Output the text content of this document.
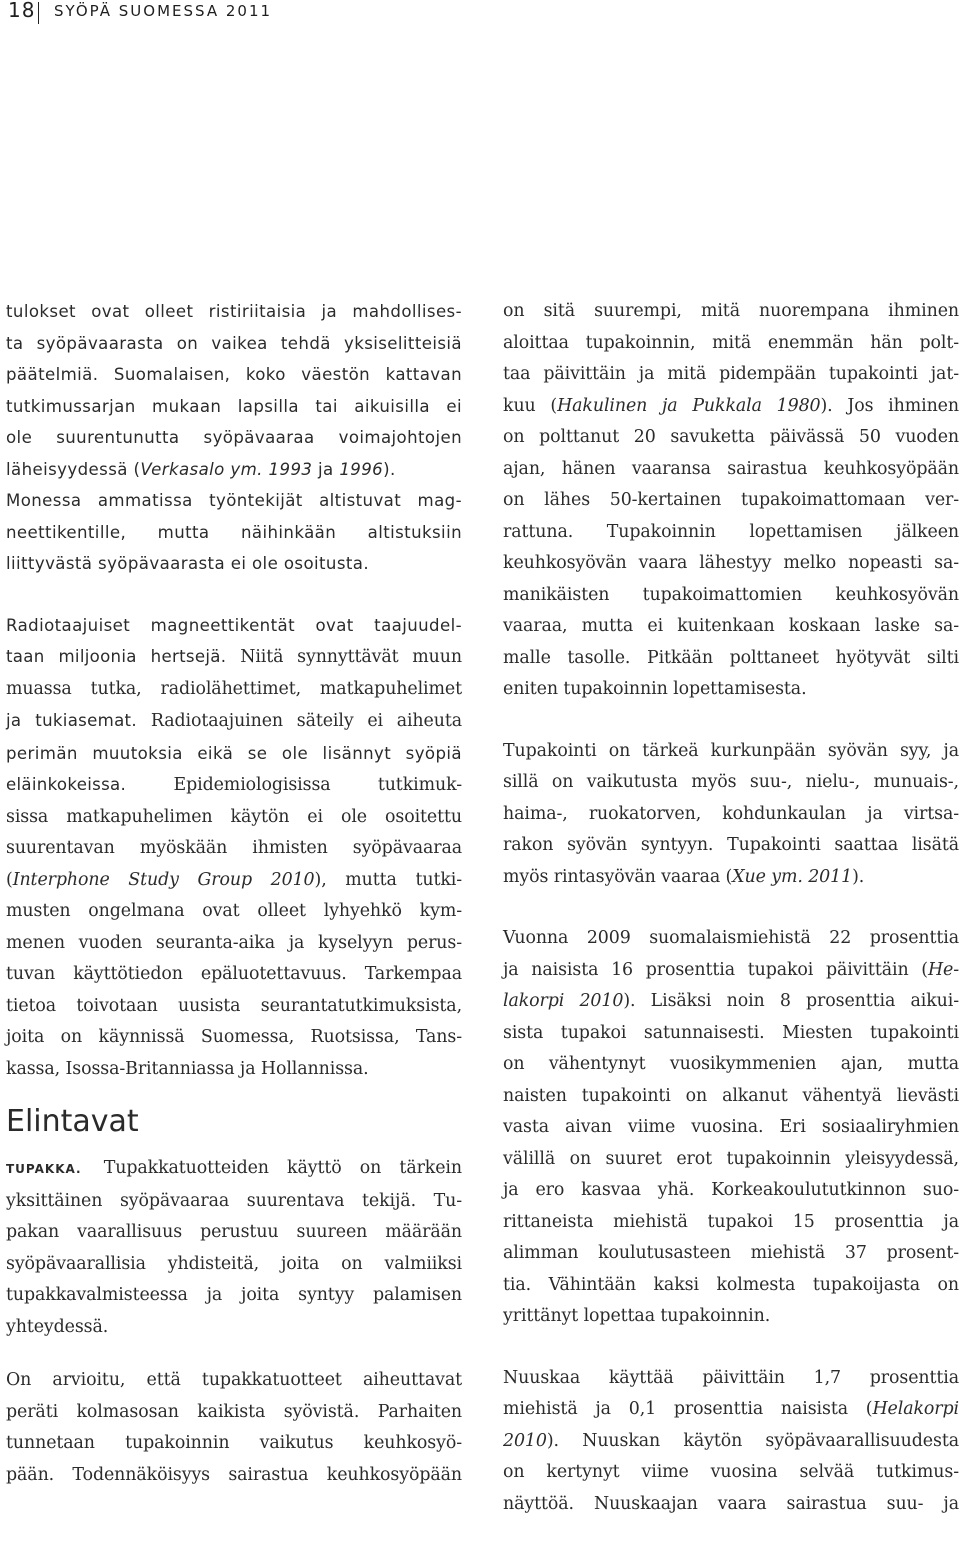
18 SYÖPÄ SUOMESSA 2011

tulokset ovat olleet ristiriitaisia ja mahdollises-
ta syöpävaarasta on vaikea tehdä yksiselitteisiä
päätelmiä. Suomalaisen, koko väestön kattavan
tutkimussarjan mukaan lapsilla tai aikuisilla ei
ole suurentunutta syöpävaaraa voimajohtojen
läheisyydessä (Verkasalo ym. 1993 ja 1996).
Monessa ammatissa työntekijät altistuvat mag-
neettikentille, mutta näihinkään altistuksiin
liittyvästä syöpävaarasta ei ole osoitusta.

Radiotaajuiset magneettikentät ovat taajuudel-
taan miljoonia hertsejä. Niitä synnyttävät muun
muassa tutka, radiolähettimet, matkapuhelimet
ja tukiasemat. Radiotaajuinen säteily ei aiheuta
perimän muutoksia eikä se ole lisännyt syöpiä
eläinkokeissa. Epidemiologisissa tutkimuk-
sissa matkapuhelimen käytön ei ole osoitettu
suurentavan myöskään ihmisten syöpävaaraa
(Interphone Study Group 2010), mutta tutki-
musten ongelmana ovat olleet lyhyehkö kym-
menen vuoden seuranta-aika ja kyselyyn perus-
tuvan käyttötiedon epäluotettavuus. Tarkempaa
tietoa toivotaan uusista seurantatutkimuksista,
joita on käynnissä Suomessa, Ruotsissa, Tans-
kassa, Isossa-Britanniassa ja Hollannissa.

Elintavat

TUPAKKA. Tupakkatuotteiden käyttö on tärkein
yksittäinen syöpävaaraa suurentava tekijä. Tu-
pakan vaarallisuus perustuu suureen määrään
syöpävaarallisia yhdisteitä, joita on valmiiksi
tupakkavalmisteessa ja joita syntyy palamisen
yhteydessä.

On arvioitu, että tupakkatuotteet aiheuttavat
peräti kolmasosan kaikista syövistä. Parhaiten
tunnetaan tupakoinnin vaikutus keuhkosyö-
pään. Todennäköisyys sairastua keuhkosyöpään

on sitä suurempi, mitä nuorempana ihminen
aloittaa tupakoinnin, mitä enemmän hän polt-
taa päivittäin ja mitä pidempään tupakointi jat-
kuu (Hakulinen ja Pukkala 1980). Jos ihminen
on polttanut 20 savuketta päivässä 50 vuoden
ajan, hänen vaaransa sairastua keuhkosyöpään
on lähes 50-kertainen tupakoimattomaan ver-
rattuna. Tupakoinnin lopettamisen jälkeen
keuhkosyövän vaara lähestyy melko nopeasti sa-
manikäisten tupakoimattomien keuhkosyövän
vaaraa, mutta ei kuitenkaan koskaan laske sa-
malle tasolle. Pitkään polttaneet hyötyvät silti
eniten tupakoinnin lopettamisesta.

Tupakointi on tärkeä kurkunpään syövän syy, ja
sillä on vaikutusta myös suu-, nielu-, munuais-,
haima-, ruokatorven, kohdunkaulan ja virtsa-
rakon syövän syntyyn. Tupakointi saattaa lisätä
myös rintasyövän vaaraa (Xue ym. 2011).

Vuonna 2009 suomalaismiehistä 22 prosenttia
ja naisista 16 prosenttia tupakoi päivittäin (He-
lakorpi 2010). Lisäksi noin 8 prosenttia aikui-
sista tupakoi satunnaisesti. Miesten tupakointi
on vähentynyt vuosikymmenien ajan, mutta
naisten tupakointi on alkanut vähentyä lievästi
vasta aivan viime vuosina. Eri sosiaaliryhmien
välillä on suuret erot tupakoinnin yleisyydessä,
ja ero kasvaa yhä. Korkeakoulututkinnon suo-
rittaneista miehistä tupakoi 15 prosenttia ja
alimman koulutusasteen miehistä 37 prosent-
tia. Vähintään kaksi kolmesta tupakoijasta on
yrittänyt lopettaa tupakoinnin.

Nuuskaa käyttää päivittäin 1,7 prosenttia
miehistä ja 0,1 prosenttia naisista (Helakorpi
2010). Nuuskan käytön syöpävaarallisuudesta
on kertynyt viime vuosina selvää tutkimus-
näyttöä. Nuuskaajan vaara sairastua suu- ja
